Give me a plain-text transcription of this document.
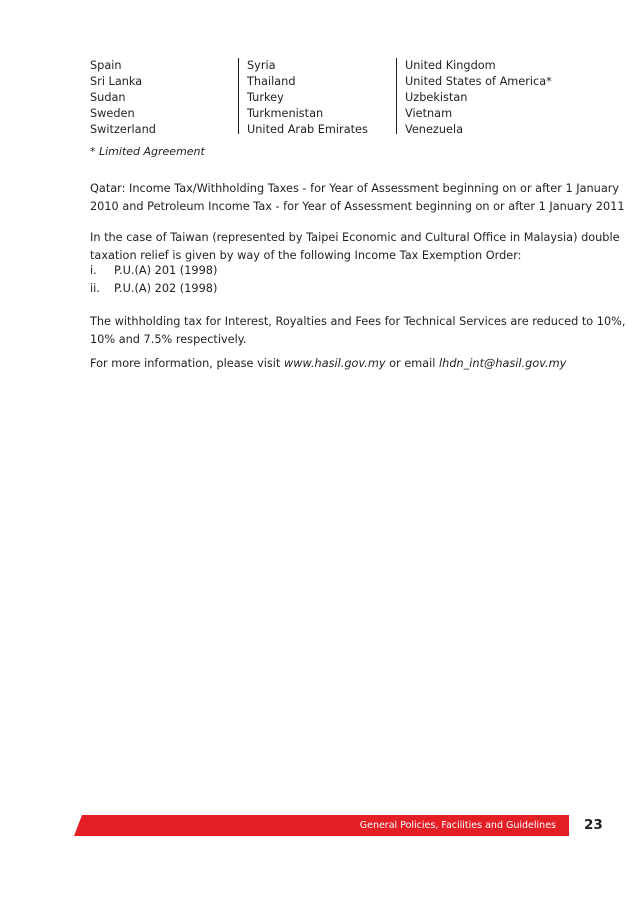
Spain
Sri Lanka
Sudan
Sweden
Switzerland
Syria
Thailand
Turkey
Turkmenistan
United Arab Emirates
United Kingdom
United States of America*
Uzbekistan
Vietnam
Venezuela
* Limited Agreement
Qatar: Income Tax/Withholding Taxes - for Year of Assessment beginning on or after 1 January
2010 and Petroleum Income Tax - for Year of Assessment beginning on or after 1 January 2011
In the case of Taiwan (represented by Taipei Economic and Cultural Office in Malaysia) double
taxation relief is given by way of the following Income Tax Exemption Order:
i. P.U.(A) 201 (1998)
ii. P.U.(A) 202 (1998)
The withholding tax for Interest, Royalties and Fees for Technical Services are reduced to 10%,
10% and 7.5% respectively.
For more information, please visit www.hasil.gov.my or email lhdn_int@hasil.gov.my
General Policies, Facilities and Guidelines 23
